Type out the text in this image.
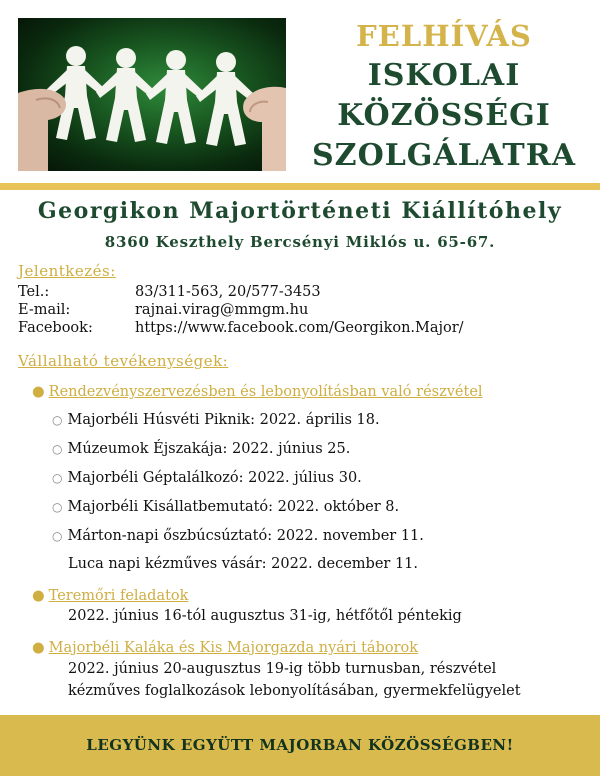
FELHÍVÁS
ISKOLAI
KÖZÖSSÉGI
SZOLGÁLATRA
Georgikon Majortörténeti Kiállítóhely
8360 Keszthely Bercsényi Miklós u. 65-67.
Jelentkezés:
Tel.:	83/311-563, 20/577-3453
E-mail:	rajnai.virag@mmgm.hu
Facebook:	https://www.facebook.com/Georgikon.Major/
Vállalható tevékenységek:
● Rendezvényszervezésben és lebonyolításban való részvétel
○ Majorbéli Húsvéti Piknik: 2022. április 18.
○ Múzeumok Éjszakája: 2022. június 25.
○ Majorbéli Géptalálkozó: 2022. július 30.
○ Majorbéli Kisállatbemutató: 2022. október 8.
○ Márton-napi őszbúcsúztató: 2022. november 11.
Luca napi kézműves vásár: 2022. december 11.
● Teremőri feladatok
2022. június 16-tól augusztus 31-ig, hétfőtől péntekig
● Majorbéli Kaláka és Kis Majorgazda nyári táborok
2022. június 20-augusztus 19-ig több turnusban, részvétel
kézműves foglalkozások lebonyolításában, gyermekfelügyelet
LEGYÜNK EGYÜTT MAJORBAN KÖZÖSSÉGBEN!
